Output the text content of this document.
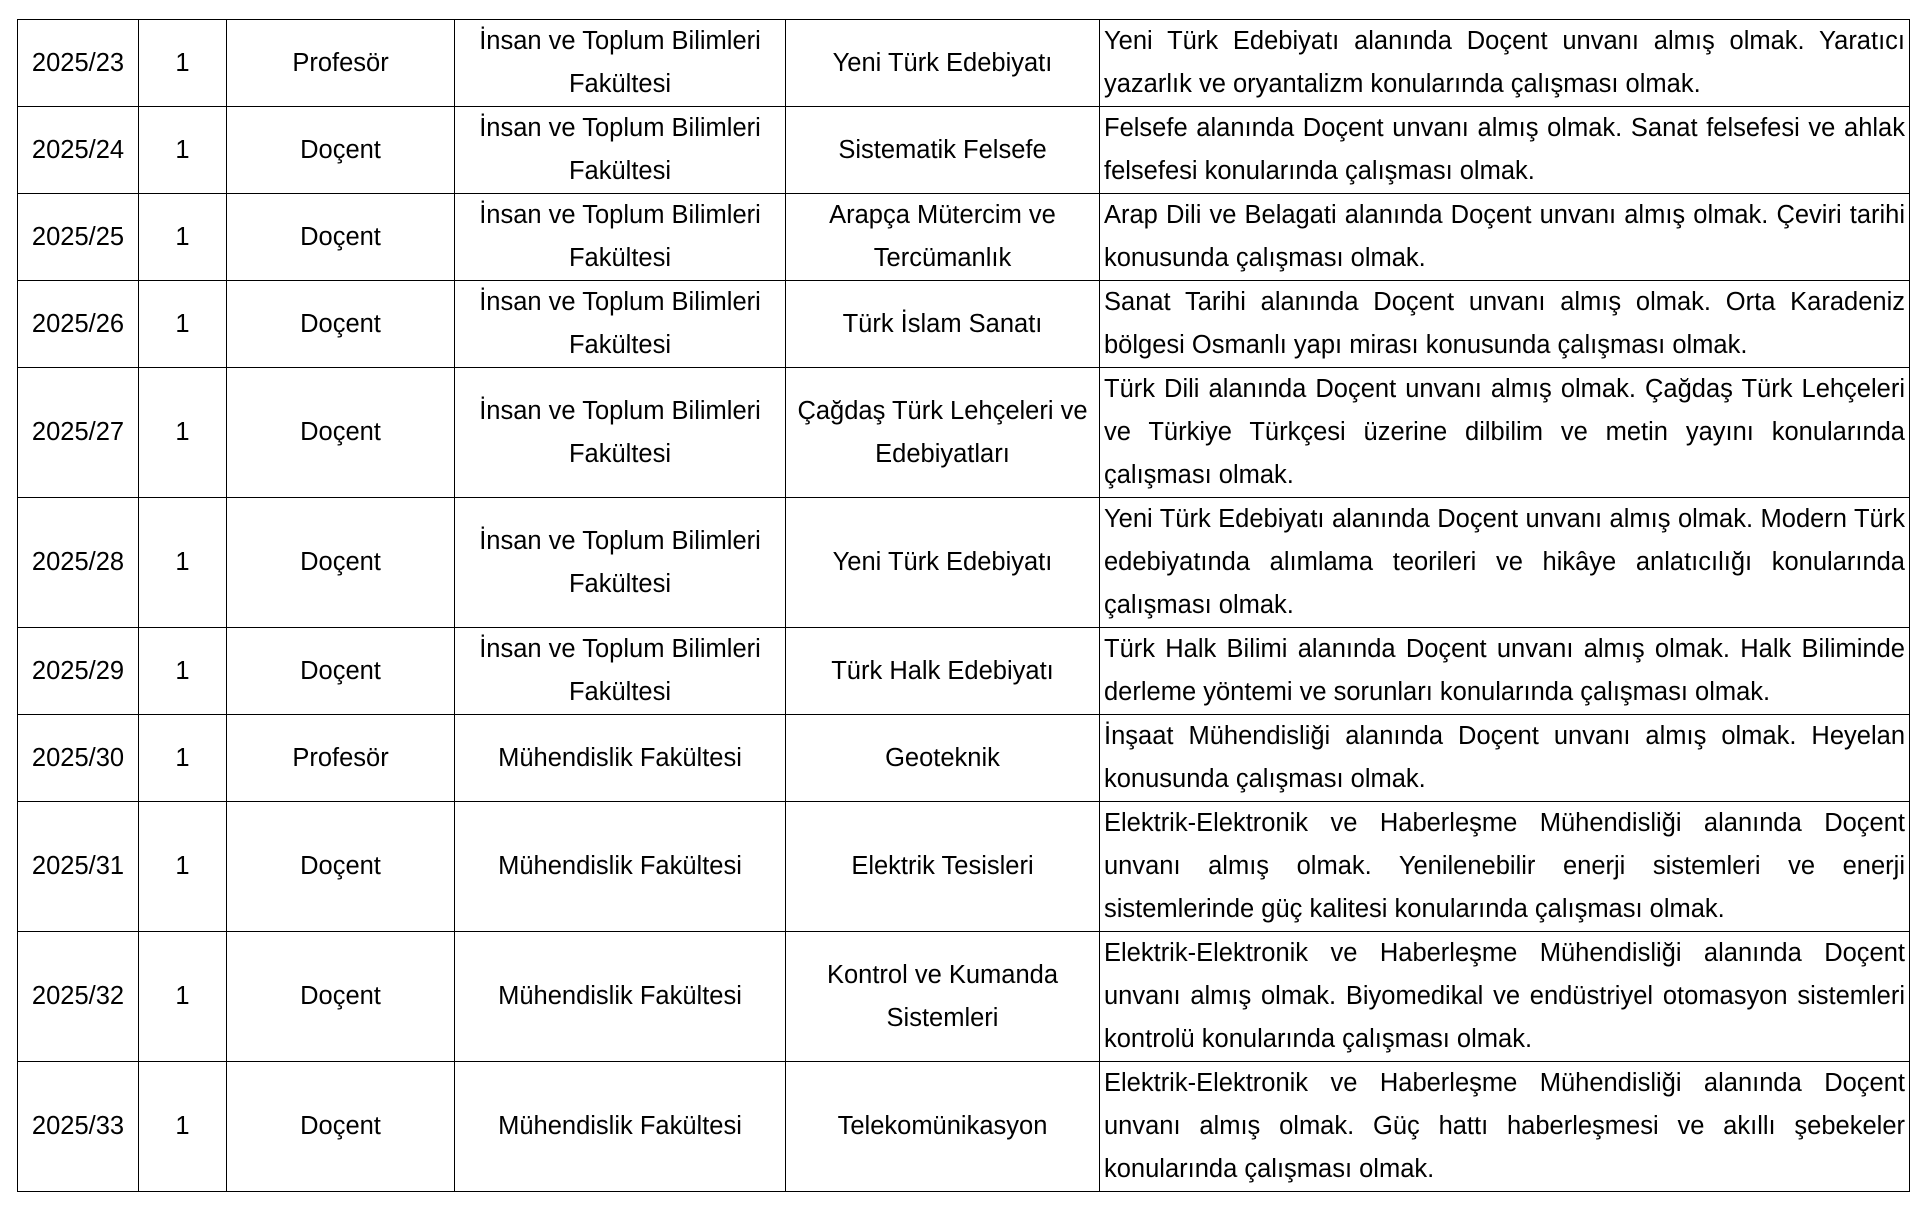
2025/23	1	Profesör	İnsan ve Toplum Bilimleri Fakültesi	Yeni Türk Edebiyatı	Yeni Türk Edebiyatı alanında Doçent unvanı almış olmak. Yaratıcı yazarlık ve oryantalizm konularında çalışması olmak.

2025/24	1	Doçent	İnsan ve Toplum Bilimleri Fakültesi	Sistematik Felsefe	Felsefe alanında Doçent unvanı almış olmak. Sanat felsefesi ve ahlak felsefesi konularında çalışması olmak.

2025/25	1	Doçent	İnsan ve Toplum Bilimleri Fakültesi	Arapça Mütercim ve Tercümanlık	Arap Dili ve Belagati alanında Doçent unvanı almış olmak. Çeviri tarihi konusunda çalışması olmak.

2025/26	1	Doçent	İnsan ve Toplum Bilimleri Fakültesi	Türk İslam Sanatı	Sanat Tarihi alanında Doçent unvanı almış olmak. Orta Karadeniz bölgesi Osmanlı yapı mirası konusunda çalışması olmak.

2025/27	1	Doçent	İnsan ve Toplum Bilimleri Fakültesi	Çağdaş Türk Lehçeleri ve Edebiyatları	Türk Dili alanında Doçent unvanı almış olmak. Çağdaş Türk Lehçeleri ve Türkiye Türkçesi üzerine dilbilim ve metin yayını konularında çalışması olmak.

2025/28	1	Doçent	İnsan ve Toplum Bilimleri Fakültesi	Yeni Türk Edebiyatı	Yeni Türk Edebiyatı alanında Doçent unvanı almış olmak. Modern Türk edebiyatında alımlama teorileri ve hikâye anlatıcılığı konularında çalışması olmak.

2025/29	1	Doçent	İnsan ve Toplum Bilimleri Fakültesi	Türk Halk Edebiyatı	Türk Halk Bilimi alanında Doçent unvanı almış olmak. Halk Biliminde derleme yöntemi ve sorunları konularında çalışması olmak.

2025/30	1	Profesör	Mühendislik Fakültesi	Geoteknik	İnşaat Mühendisliği alanında Doçent unvanı almış olmak. Heyelan konusunda çalışması olmak.

2025/31	1	Doçent	Mühendislik Fakültesi	Elektrik Tesisleri	Elektrik-Elektronik ve Haberleşme Mühendisliği alanında Doçent unvanı almış olmak. Yenilenebilir enerji sistemleri ve enerji sistemlerinde güç kalitesi konularında çalışması olmak.

2025/32	1	Doçent	Mühendislik Fakültesi	Kontrol ve Kumanda Sistemleri	Elektrik-Elektronik ve Haberleşme Mühendisliği alanında Doçent unvanı almış olmak. Biyomedikal ve endüstriyel otomasyon sistemleri kontrolü konularında çalışması olmak.

2025/33	1	Doçent	Mühendislik Fakültesi	Telekomünikasyon	Elektrik-Elektronik ve Haberleşme Mühendisliği alanında Doçent unvanı almış olmak. Güç hattı haberleşmesi ve akıllı şebekeler konularında çalışması olmak.
